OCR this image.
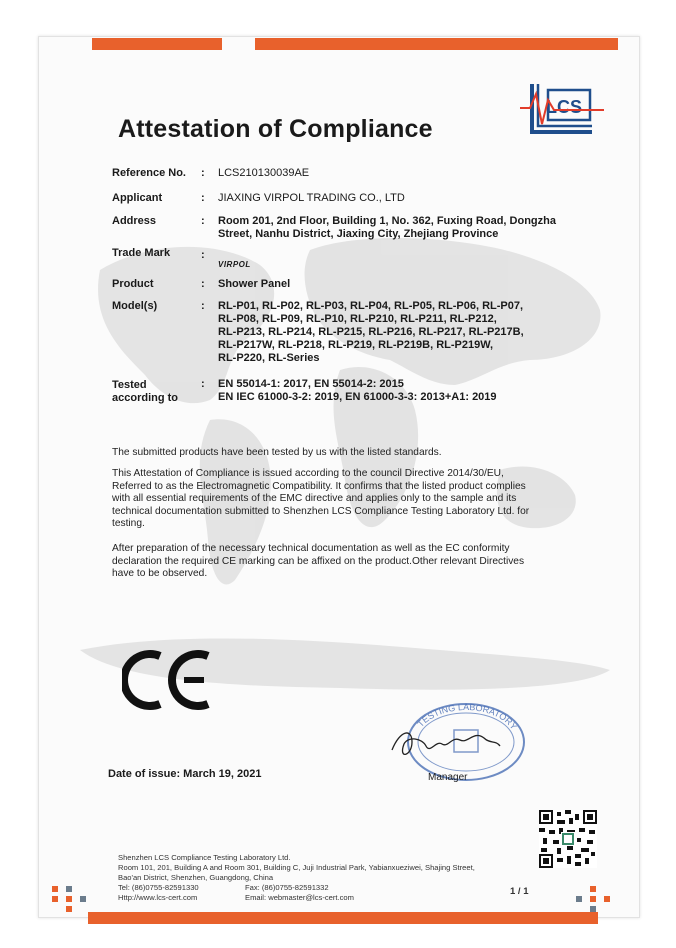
Attestation of Compliance
LCS
Reference No. : LCS210130039AE
Applicant	: JIAXING VIRPOL TRADING CO., LTD
Address	: Room 201, 2nd Floor, Building 1, No. 362, Fuxing Road, Dongzha
Street, Nanhu District, Jiaxing City, Zhejiang Province
Trade Mark	:
VIRPOL
Product	: Shower Panel
Model(s)	: RL-P01, RL-P02, RL-P03, RL-P04, RL-P05, RL-P06, RL-P07,
RL-P08, RL-P09, RL-P10, RL-P210, RL-P211, RL-P212,
RL-P213, RL-P214, RL-P215, RL-P216, RL-P217, RL-P217B,
RL-P217W, RL-P218, RL-P219, RL-P219B, RL-P219W,
RL-P220, RL-Series
Tested
according to
: EN 55014-1: 2017, EN 55014-2: 2015
EN IEC 61000-3-2: 2019, EN 61000-3-3: 2013+A1: 2019
The submitted products have been tested by us with the listed standards.
This Attestation of Compliance is issued according to the council Directive 2014/30/EU,
Referred to as the Electromagnetic Compatibility. It confirms that the listed product complies
with all essential requirements of the EMC directive and applies only to the sample and its
technical documentation submitted to Shenzhen LCS Compliance Testing Laboratory Ltd. for
testing.
After preparation of the necessary technical documentation as well as the EC conformity
declaration the required CE marking can be affixed on the product.Other relevant Directives
have to be observed.
TESTING LABORATORY
Manager
Date of issue: March 19, 2021
Shenzhen LCS Compliance Testing Laboratory Ltd.
Room 101, 201, Building A and Room 301, Building C, Juji Industrial Park, Yabianxueziwei, Shajing Street,
Bao'an District, Shenzhen, Guangdong, China
Tel: (86)0755-82591330	Fax: (86)0755-82591332
Http://www.lcs-cert.com	Email: webmaster@lcs-cert.com
1 / 1
